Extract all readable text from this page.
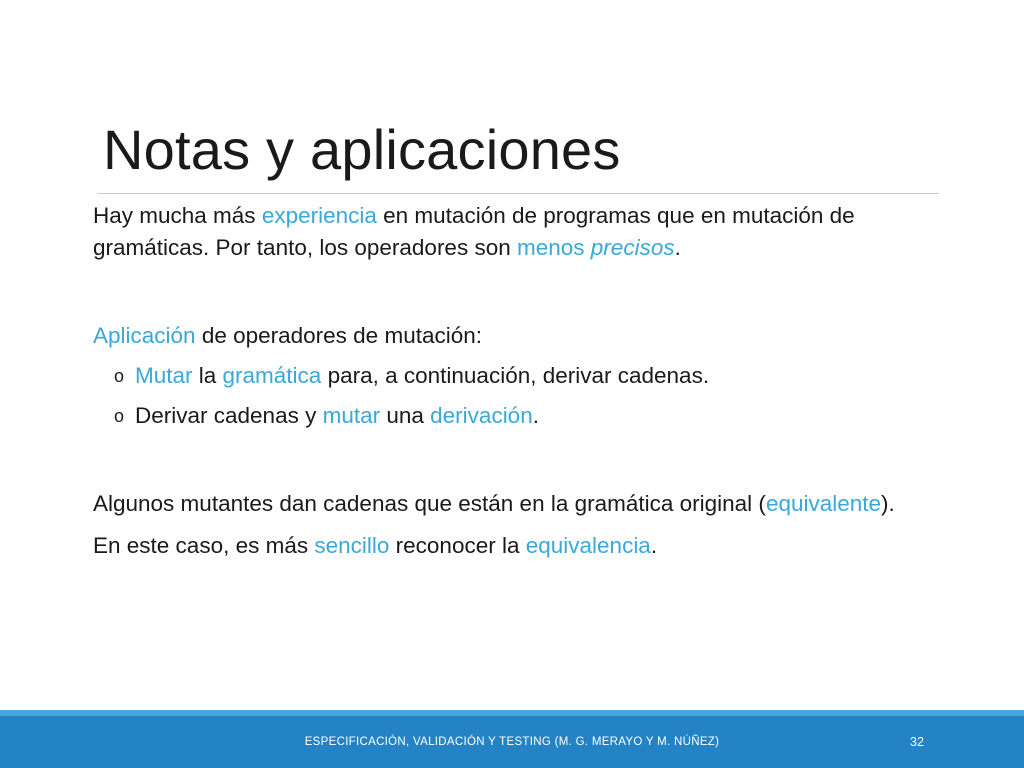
Notas y aplicaciones

Hay mucha más experiencia en mutación de programas que en mutación de gramáticas. Por tanto, los operadores son menos precisos.

Aplicación de operadores de mutación:

o Mutar la gramática para, a continuación, derivar cadenas.

o Derivar cadenas y mutar una derivación.

Algunos mutantes dan cadenas que están en la gramática original (equivalente).

En este caso, es más sencillo reconocer la equivalencia.

ESPECIFICACIÓN, VALIDACIÓN Y TESTING (M. G. MERAYO Y M. NÚÑEZ)	32
